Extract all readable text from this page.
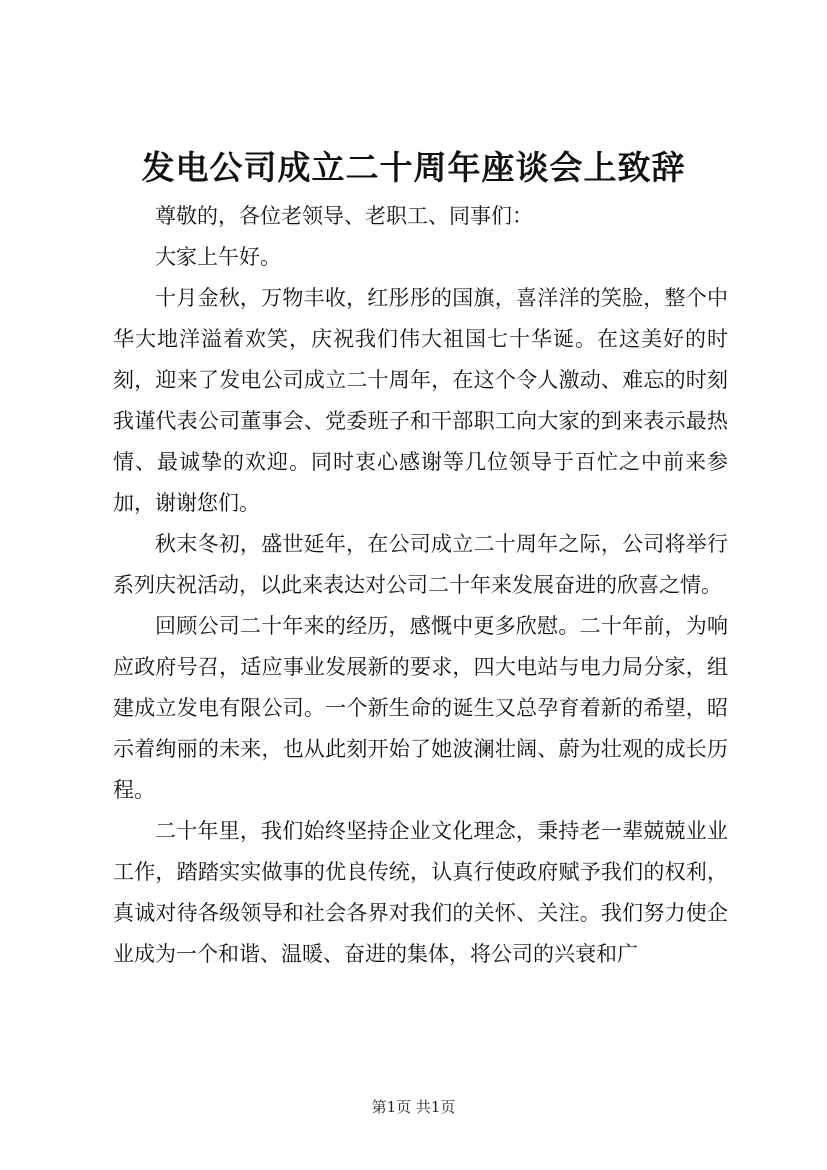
发电公司成立二十周年座谈会上致辞

尊敬的，各位老领导、老职工、同事们：

大家上午好。

十月金秋，万物丰收，红彤彤的国旗，喜洋洋的笑脸，整个中华大地洋溢着欢笑，庆祝我们伟大祖国七十华诞。在这美好的时刻，迎来了发电公司成立二十周年，在这个令人激动、难忘的时刻我谨代表公司董事会、党委班子和干部职工向大家的到来表示最热情、最诚挚的欢迎。同时衷心感谢等几位领导于百忙之中前来参加，谢谢您们。

秋末冬初，盛世延年，在公司成立二十周年之际，公司将举行系列庆祝活动，以此来表达对公司二十年来发展奋进的欣喜之情。

回顾公司二十年来的经历，感慨中更多欣慰。二十年前，为响应政府号召，适应事业发展新的要求，四大电站与电力局分家，组建成立发电有限公司。一个新生命的诞生又总孕育着新的希望，昭示着绚丽的未来，也从此刻开始了她波澜壮阔、蔚为壮观的成长历程。

二十年里，我们始终坚持企业文化理念，秉持老一辈兢兢业业工作，踏踏实实做事的优良传统，认真行使政府赋予我们的权利，真诚对待各级领导和社会各界对我们的关怀、关注。我们努力使企业成为一个和谐、温暖、奋进的集体，将公司的兴衰和广

第1页 共1页
